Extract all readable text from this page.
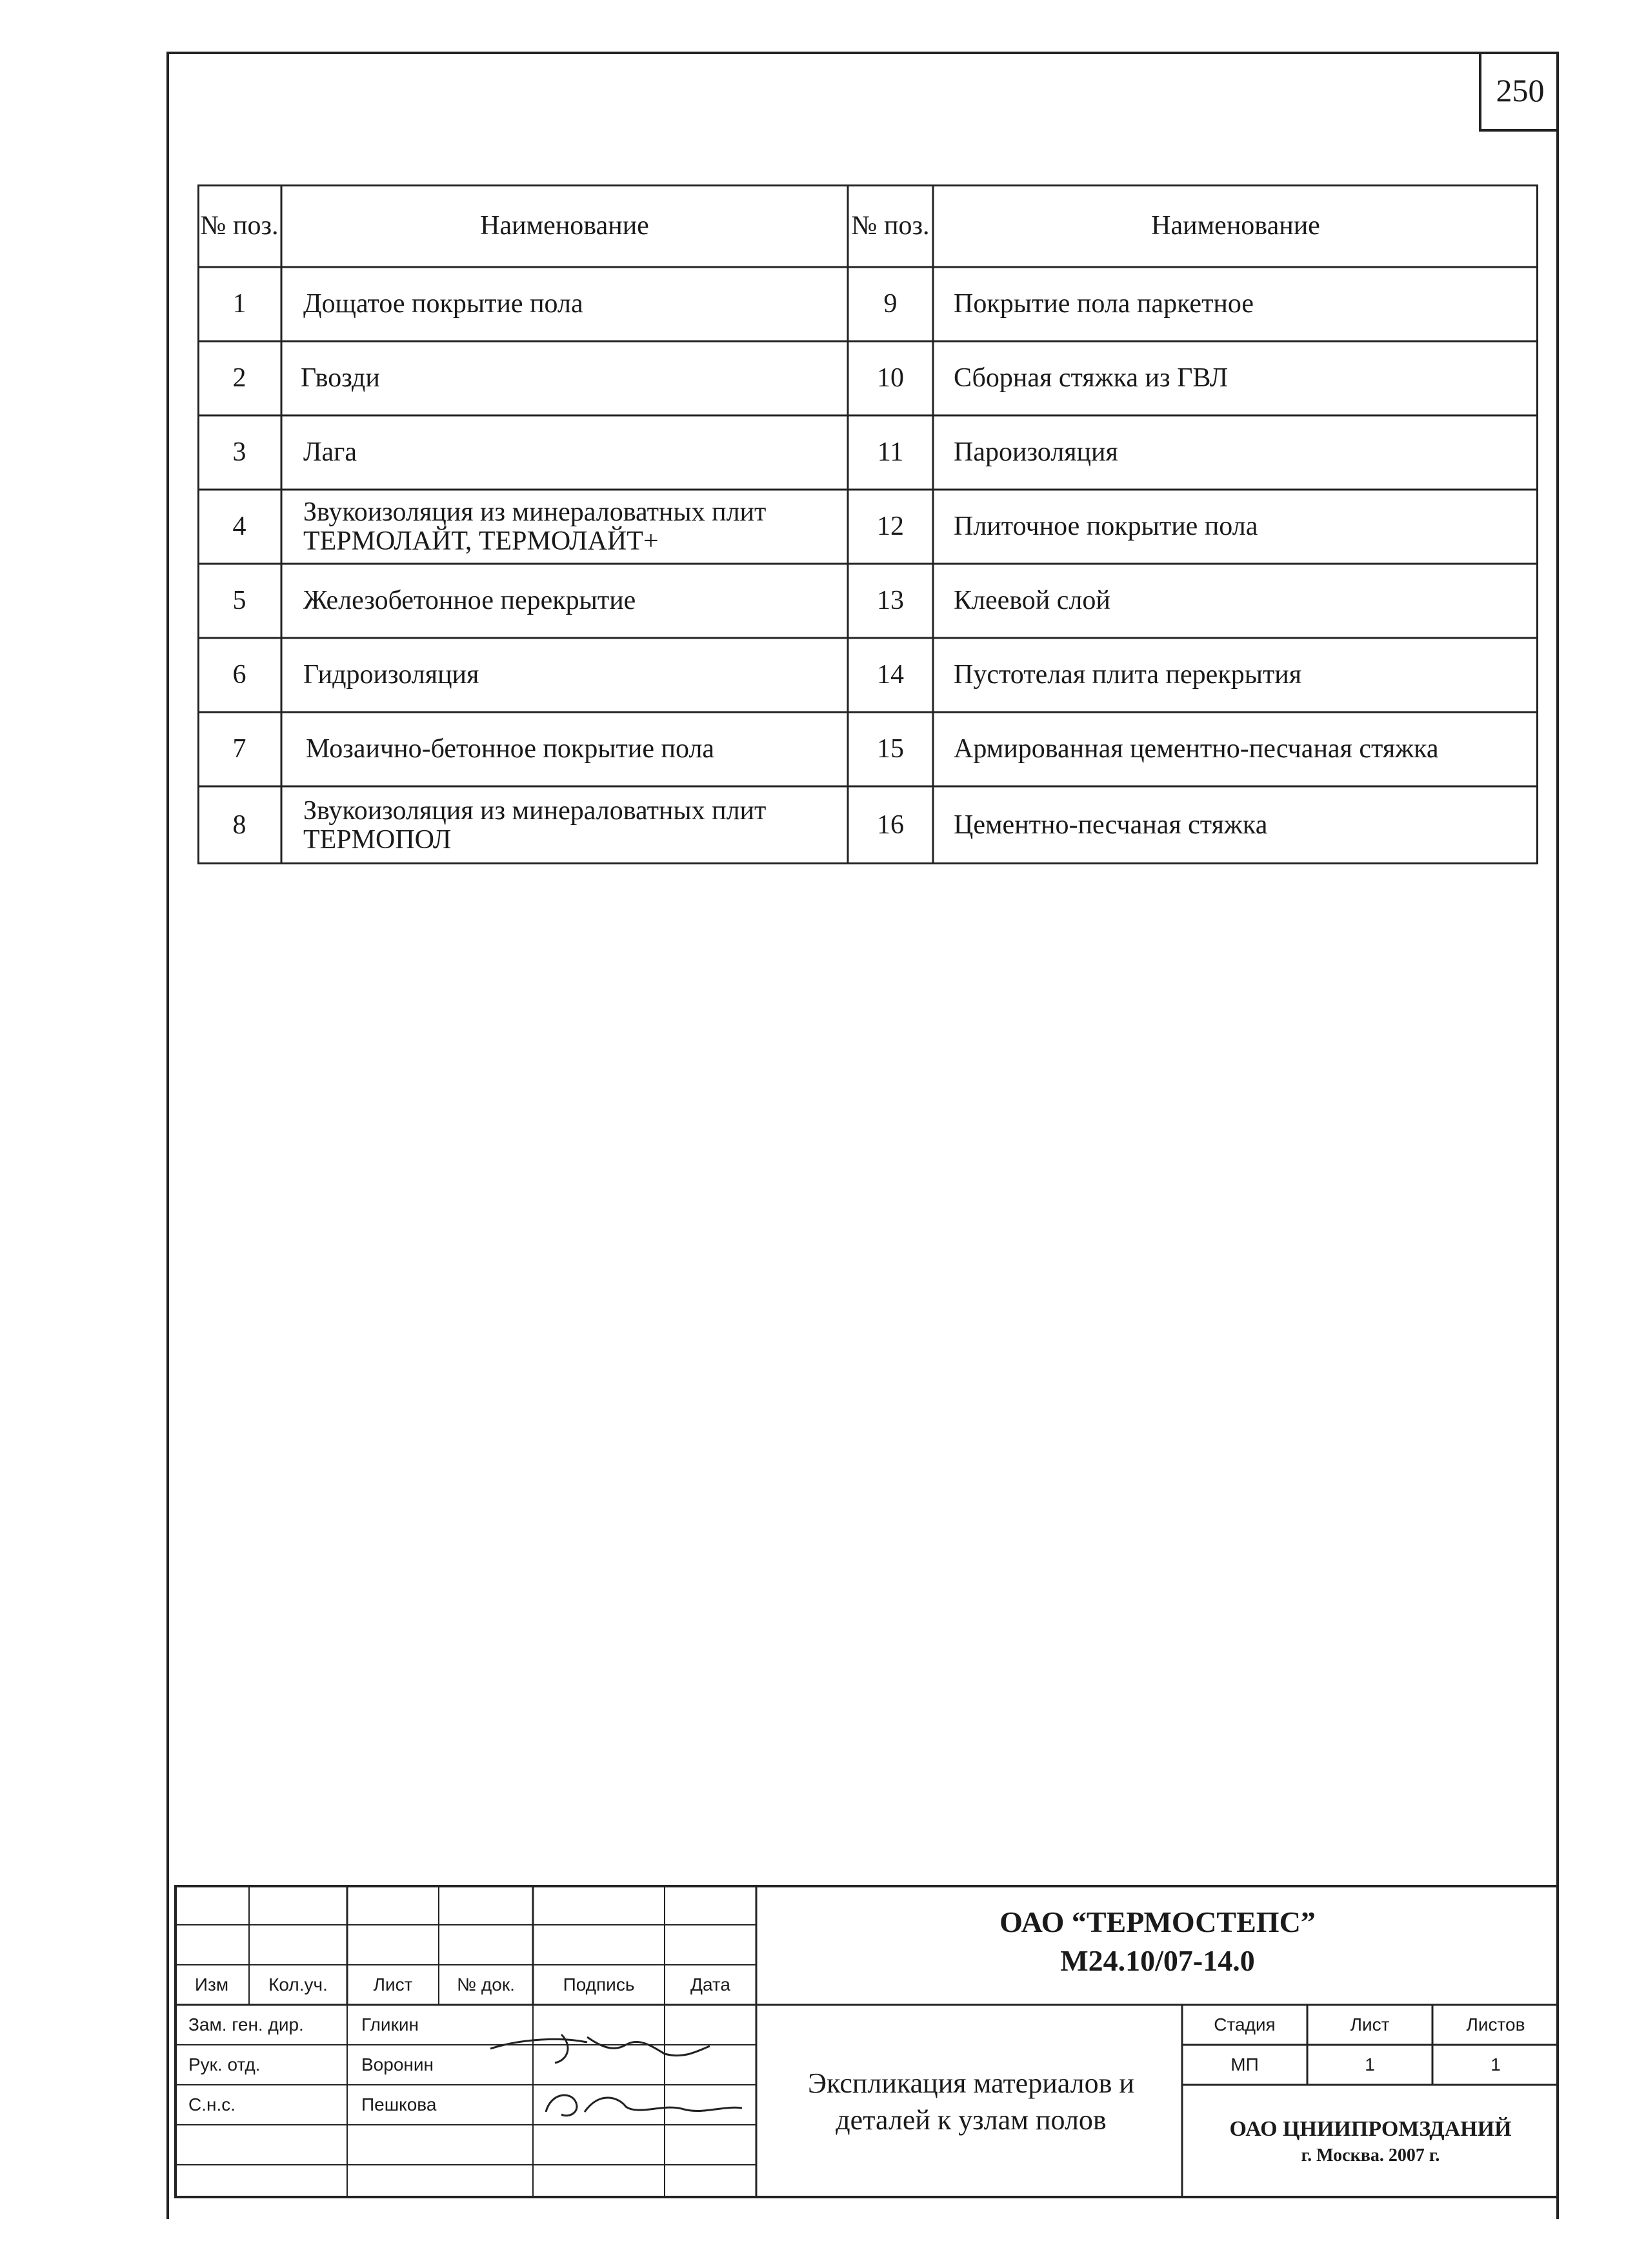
250
№ поз.	Наименование	№ поз.	Наименование
1	Дощатое покрытие пола	9	Покрытие пола паркетное
2	Гвозди	10	Сборная стяжка из ГВЛ
3	Лага	11	Пароизоляция
4	Звукоизоляция из минераловатных плит ТЕРМОЛАЙТ, ТЕРМОЛАЙТ+	12	Плиточное покрытие пола
5	Железобетонное перекрытие	13	Клеевой слой
6	Гидроизоляция	14	Пустотелая плита перекрытия
7	Мозаично-бетонное покрытие пола	15	Армированная цементно-песчаная стяжка
8	Звукоизоляция из минераловатных плит ТЕРМОПОЛ	16	Цементно-песчаная стяжка
Изм	Кол.уч.	Лист	№ док.	Подпись	Дата
Зам. ген. дир.	Гликин
Рук. отд.	Воронин
С.н.с.	Пешкова
ОАО “ТЕРМОСТЕПС”
М24.10/07-14.0
Экспликация материалов и деталей к узлам полов
Стадия	Лист	Листов
МП	1	1
ОАО ЦНИИПРОМЗДАНИЙ
г. Москва. 2007 г.
